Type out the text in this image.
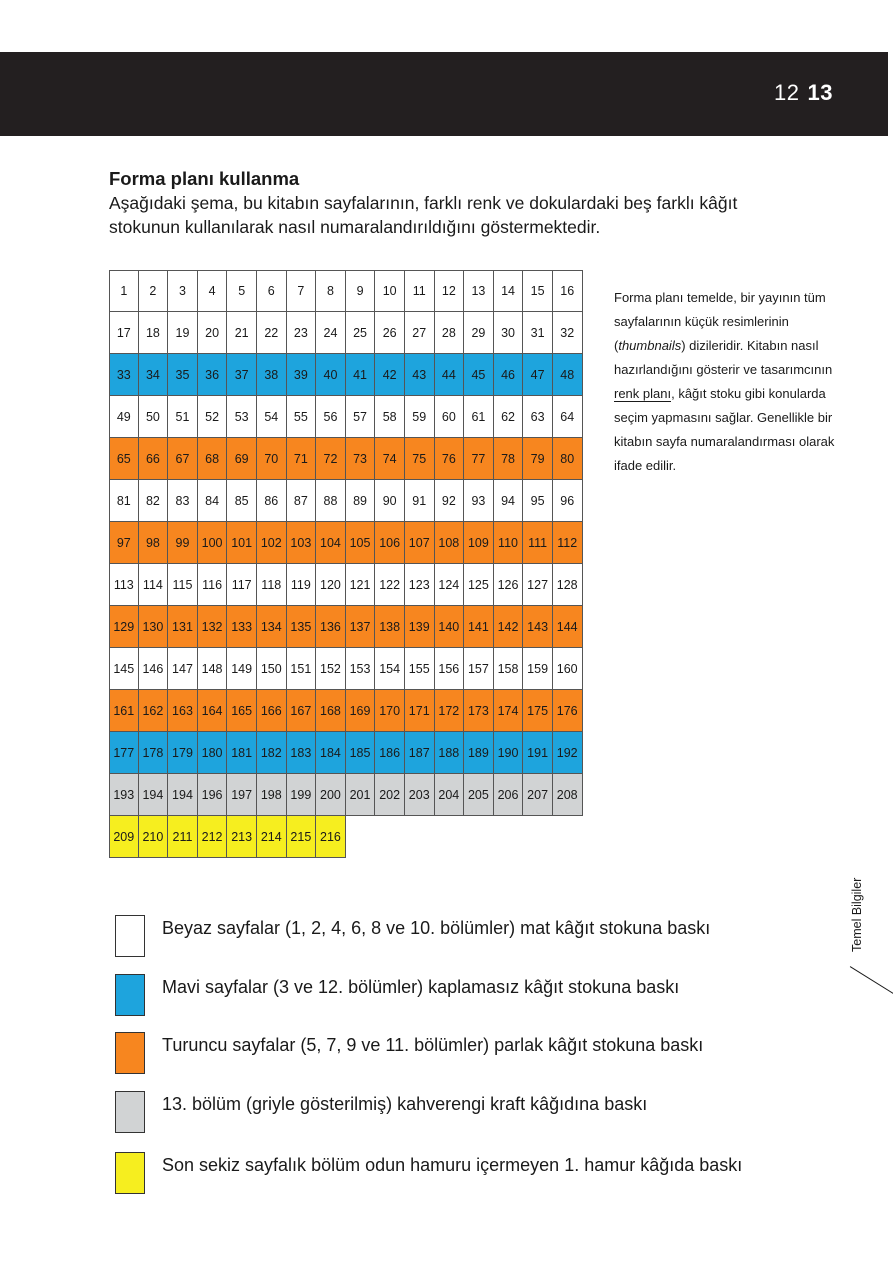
12 13
Forma planı kullanma

Aşağıdaki şema, bu kitabın sayfalarının, farklı renk ve dokulardaki beş farklı kâğıt stokunun kullanılarak nasıl numaralandırıldığını göstermektedir.

1	2	3	4	5	6	7	8	9	10	11	12	13	14	15	16
17	18	19	20	21	22	23	24	25	26	27	28	29	30	31	32
33	34	35	36	37	38	39	40	41	42	43	44	45	46	47	48
49	50	51	52	53	54	55	56	57	58	59	60	61	62	63	64
65	66	67	68	69	70	71	72	73	74	75	76	77	78	79	80
81	82	83	84	85	86	87	88	89	90	91	92	93	94	95	96
97	98	99 100 101 102 103 104 105 106 107 108 109 110 111 112
113 114 115 116 117 118 119 120 121 122 123 124 125 126 127 128
129 130 131 132 133 134 135 136 137 138 139 140 141 142 143 144
145 146 147 148 149 150 151 152 153 154 155 156 157 158 159 160
161 162 163 164 165 166 167 168 169 170 171 172 173 174 175 176
177 178 179 180 181 182 183 184 185 186 187 188 189 190 191 192
193 194 194 196 197 198 199 200 201 202 203 204 205 206 207 208
209 210 211 212 213 214 215 216

Forma planı temelde, bir yayının tüm sayfalarının küçük resimlerinin (thumbnails) dizileridir. Kitabın nasıl hazırlandığını gösterir ve tasarımcının renk planı, kâğıt stoku gibi konularda seçim yapmasını sağlar. Genellikle bir kitabın sayfa numaralandırması olarak ifade edilir.

Beyaz sayfalar (1, 2, 4, 6, 8 ve 10. bölümler) mat kâğıt stokuna baskı
Mavi sayfalar (3 ve 12. bölümler) kaplamasız kâğıt stokuna baskı
Turuncu sayfalar (5, 7, 9 ve 11. bölümler) parlak kâğıt stokuna baskı
13. bölüm (griyle gösterilmiş) kahverengi kraft kâğıdına baskı
Son sekiz sayfalık bölüm odun hamuru içermeyen 1. hamur kâğıda baskı
Temel Bilgiler
